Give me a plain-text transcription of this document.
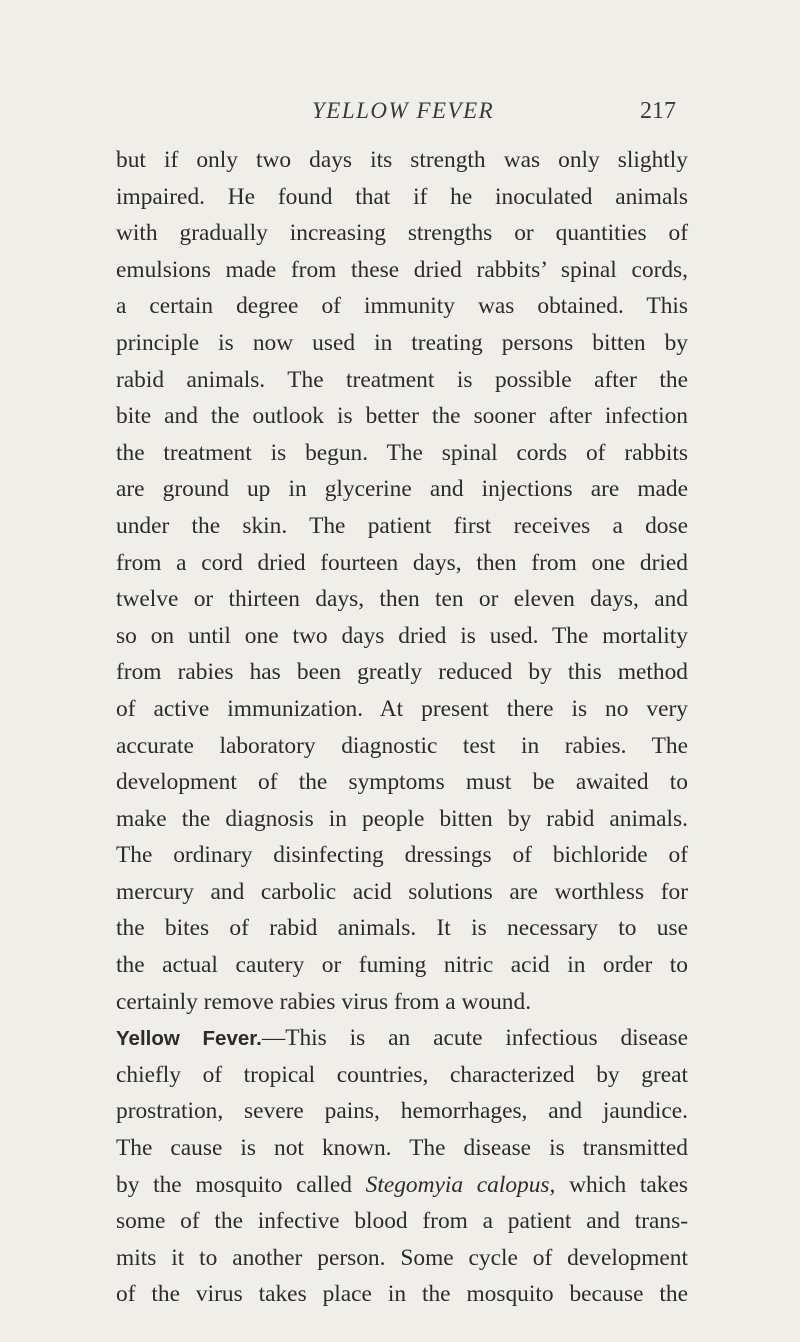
YELLOW FEVER	217
but if only two days its strength was only slightly
impaired. He found that if he inoculated animals
with gradually increasing strengths or quantities of
emulsions made from these dried rabbits’ spinal cords,
a certain degree of immunity was obtained. This
principle is now used in treating persons bitten by
rabid animals. The treatment is possible after the
bite and the outlook is better the sooner after infection
the treatment is begun. The spinal cords of rabbits
are ground up in glycerine and injections are made
under the skin. The patient first receives a dose
from a cord dried fourteen days, then from one dried
twelve or thirteen days, then ten or eleven days, and
so on until one two days dried is used. The mortality
from rabies has been greatly reduced by this method
of active immunization. At present there is no very
accurate laboratory diagnostic test in rabies. The
development of the symptoms must be awaited to
make the diagnosis in people bitten by rabid animals.
The ordinary disinfecting dressings of bichloride of
mercury and carbolic acid solutions are worthless for
the bites of rabid animals. It is necessary to use
the actual cautery or fuming nitric acid in order to
certainly remove rabies virus from a wound.
Yellow Fever.—This is an acute infectious disease
chiefly of tropical countries, characterized by great
prostration, severe pains, hemorrhages, and jaundice.
The cause is not known. The disease is transmitted
by the mosquito called Stegomyia calopus, which takes
some of the infective blood from a patient and trans-
mits it to another person. Some cycle of development
of the virus takes place in the mosquito because the
